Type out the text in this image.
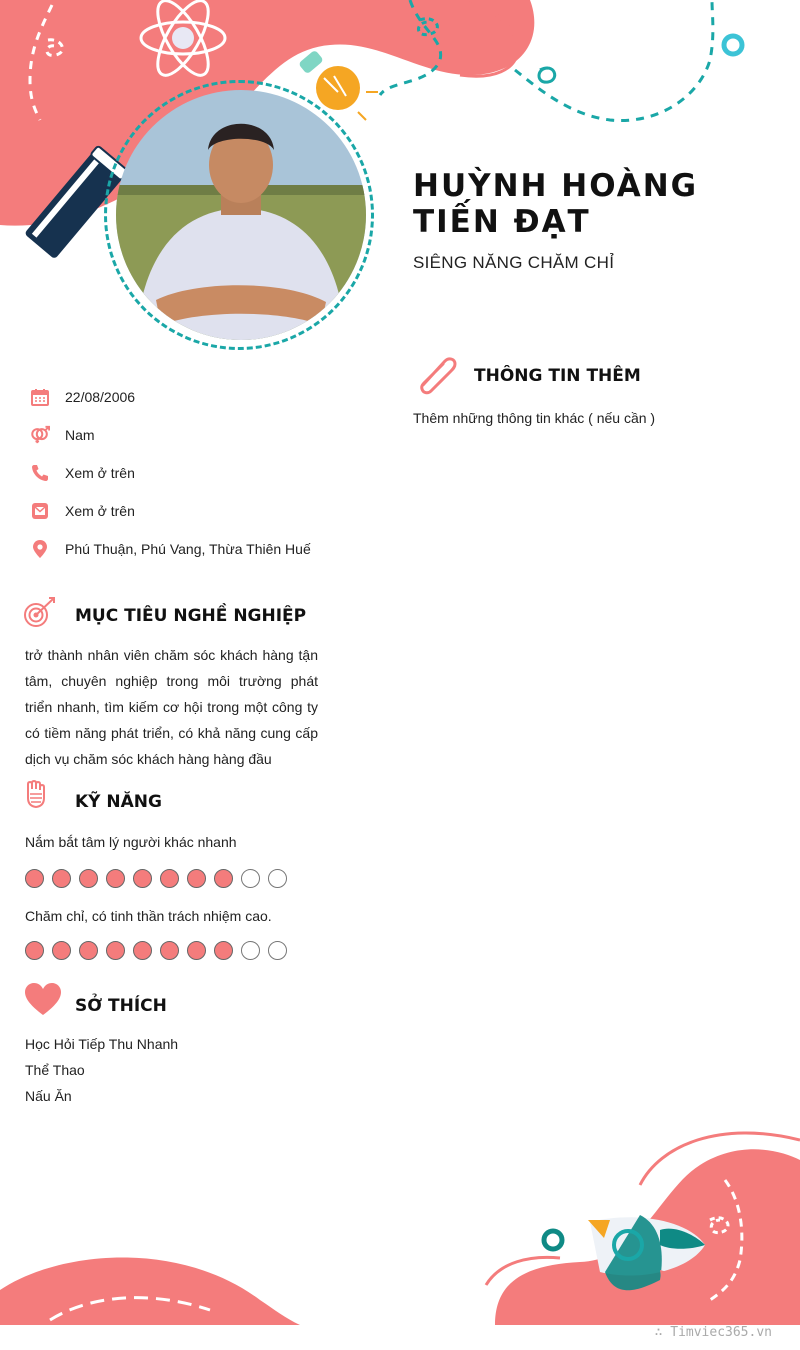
HUỲNH HOÀNG TIẾN ĐẠT
SIÊNG NĂNG CHĂM CHỈ
22/08/2006
Nam
Xem ở trên
Xem ở trên
Phú Thuận, Phú Vang, Thừa Thiên Huế
MỤC TIÊU NGHỀ NGHIỆP
trở thành nhân viên chăm sóc khách hàng tận tâm, chuyên nghiệp trong môi trường phát triển nhanh, tìm kiếm cơ hội trong một công ty có tiềm năng phát triển, có khả năng cung cấp dịch vụ chăm sóc khách hàng hàng đầu
KỸ NĂNG
Nắm bắt tâm lý người khác nhanh
Chăm chỉ, có tinh thần trách nhiệm cao.
SỞ THÍCH
Học Hỏi Tiếp Thu Nhanh
Thể Thao
Nấu Ăn
THÔNG TIN THÊM
Thêm những thông tin khác ( nếu cần )
∴ Timviec365.vn
